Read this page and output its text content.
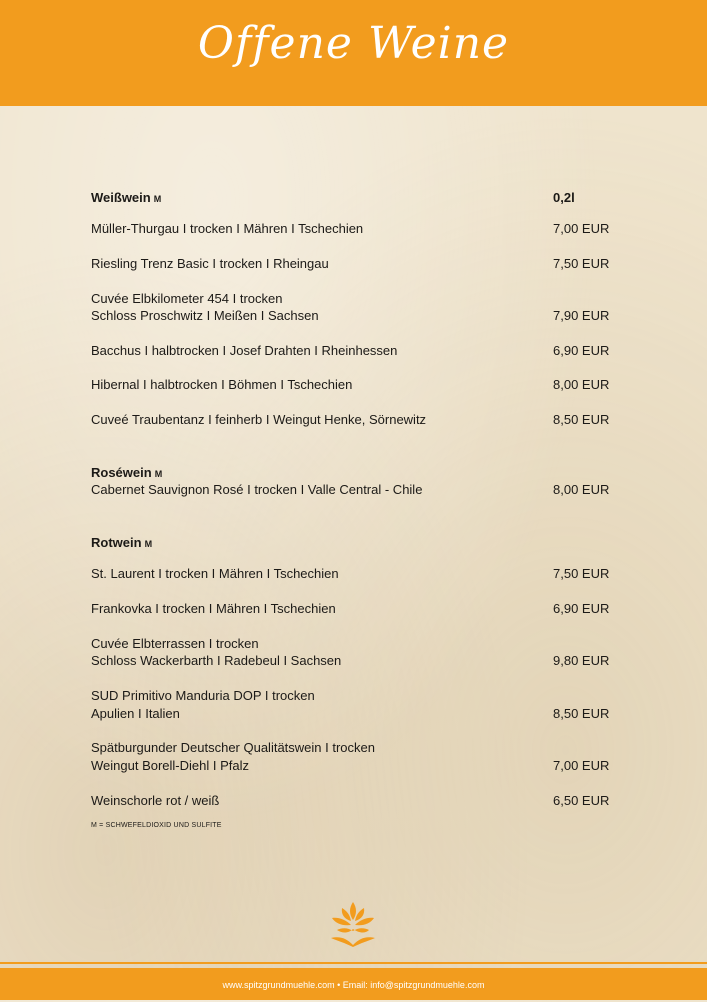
Offene Weine
Weißwein M	0,2l
Müller-Thurgau I trocken I Mähren I Tschechien	7,00 EUR
Riesling Trenz Basic I trocken I Rheingau	7,50 EUR
Cuvée Elbkilometer 454 I trocken
Schloss Proschwitz I Meißen I Sachsen	7,90 EUR
Bacchus I halbtrocken I Josef Drahten I Rheinhessen	6,90 EUR
Hibernal I halbtrocken I Böhmen I Tschechien	8,00 EUR
Cuveé Traubentanz I feinherb I Weingut Henke, Sörnewitz	8,50 EUR
Roséwein M
Cabernet Sauvignon Rosé I trocken I Valle Central - Chile	8,00 EUR
Rotwein M
St. Laurent I trocken I Mähren I Tschechien	7,50 EUR
Frankovka I trocken I Mähren I Tschechien	6,90 EUR
Cuvée Elbterrassen I trocken
Schloss Wackerbarth I Radebeul I Sachsen	9,80 EUR
SUD Primitivo Manduria DOP I trocken
Apulien I Italien	8,50 EUR
Spätburgunder Deutscher Qualitätswein I trocken
Weingut Borell-Diehl I Pfalz	7,00 EUR
Weinschorle rot / weiß	6,50 EUR
M = SCHWEFELDIOXID UND SULFITE
www.spitzgrundmuehle.com • Email: info@spitzgrundmuehle.com
